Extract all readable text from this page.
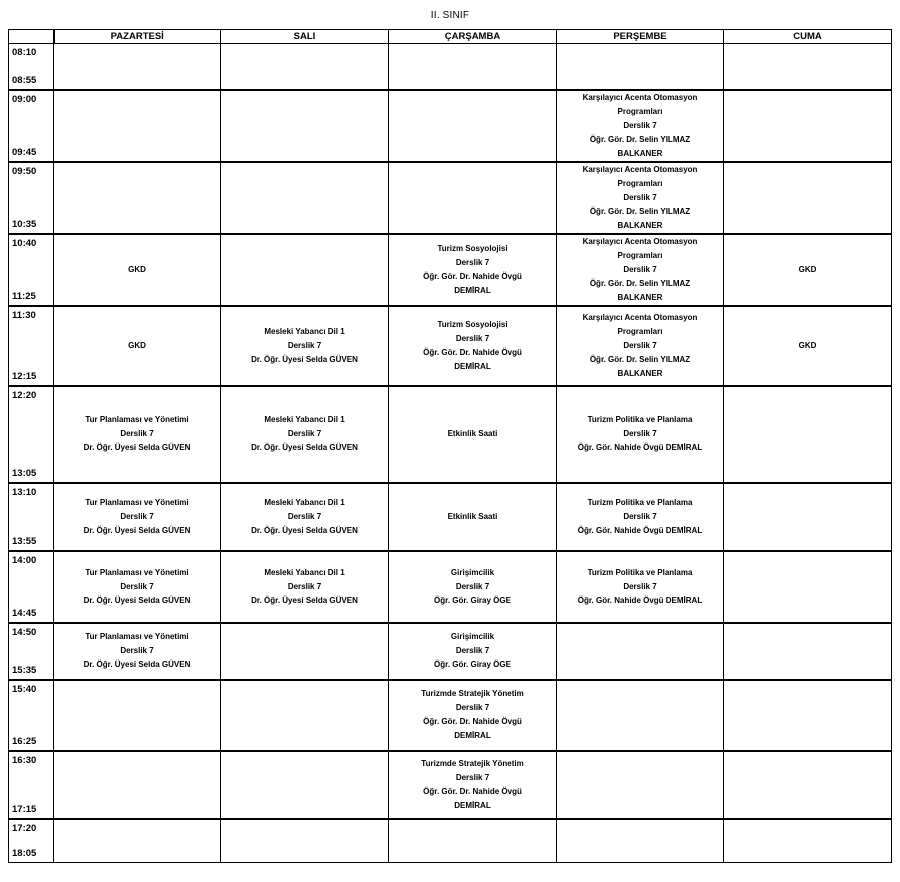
II. SINIF
	PAZARTESİ	SALI	ÇARŞAMBA	PERŞEMBE	CUMA

08:10
08:55					

09:00
09:45				Karşılayıcı Acenta Otomasyon
Programları
Derslik 7
Öğr. Gör. Dr. Selin YILMAZ
BALKANER	

09:50
10:35				Karşılayıcı Acenta Otomasyon
Programları
Derslik 7
Öğr. Gör. Dr. Selin YILMAZ
BALKANER	

10:40
11:25	GKD		Turizm Sosyolojisi
Derslik 7
Öğr. Gör. Dr. Nahide Övgü
DEMİRAL	Karşılayıcı Acenta Otomasyon
Programları
Derslik 7
Öğr. Gör. Dr. Selin YILMAZ
BALKANER	GKD

11:30
12:15	GKD	Mesleki Yabancı Dil 1
Derslik 7
Dr. Öğr. Üyesi Selda GÜVEN	Turizm Sosyolojisi
Derslik 7
Öğr. Gör. Dr. Nahide Övgü
DEMİRAL	Karşılayıcı Acenta Otomasyon
Programları
Derslik 7
Öğr. Gör. Dr. Selin YILMAZ
BALKANER	GKD

12:20
13:05	Tur Planlaması ve Yönetimi
Derslik 7
Dr. Öğr. Üyesi Selda GÜVEN	Mesleki Yabancı Dil 1
Derslik 7
Dr. Öğr. Üyesi Selda GÜVEN	Etkinlik Saati	Turizm Politika ve Planlama
Derslik 7
Öğr. Gör. Nahide Övgü DEMİRAL	

13:10
13:55	Tur Planlaması ve Yönetimi
Derslik 7
Dr. Öğr. Üyesi Selda GÜVEN	Mesleki Yabancı Dil 1
Derslik 7
Dr. Öğr. Üyesi Selda GÜVEN	Etkinlik Saati	Turizm Politika ve Planlama
Derslik 7
Öğr. Gör. Nahide Övgü DEMİRAL	

14:00
14:45	Tur Planlaması ve Yönetimi
Derslik 7
Dr. Öğr. Üyesi Selda GÜVEN	Mesleki Yabancı Dil 1
Derslik 7
Dr. Öğr. Üyesi Selda GÜVEN	Girişimcilik
Derslik 7
Öğr. Gör. Giray ÖGE	Turizm Politika ve Planlama
Derslik 7
Öğr. Gör. Nahide Övgü DEMİRAL	

14:50
15:35	Tur Planlaması ve Yönetimi
Derslik 7
Dr. Öğr. Üyesi Selda GÜVEN		Girişimcilik
Derslik 7
Öğr. Gör. Giray ÖGE		

15:40
16:25			Turizmde Stratejik Yönetim
Derslik 7
Öğr. Gör. Dr. Nahide Övgü
DEMİRAL		

16:30
17:15			Turizmde Stratejik Yönetim
Derslik 7
Öğr. Gör. Dr. Nahide Övgü
DEMİRAL		

17:20
18:05					
